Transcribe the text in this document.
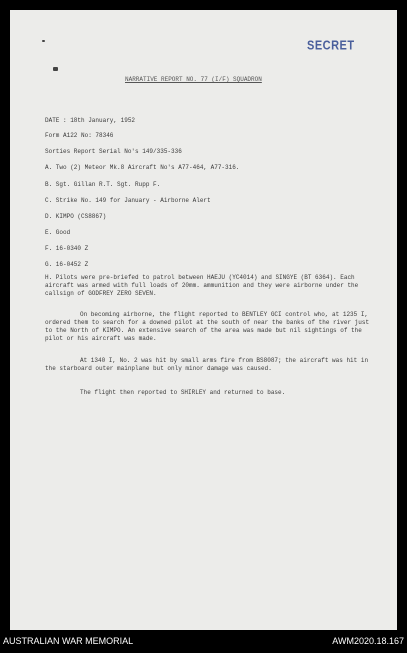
SECRET
NARRATIVE REPORT NO. 77 (I/F) SQUADRON
DATE : 18th January, 1952
Form A122 No: 78346
Sorties Report Serial No's 149/335-336
A. Two (2) Meteor Mk.8 Aircraft No's A77-464, A77-316.
B. Sgt. Gillan R.T. Sgt. Rupp F.
C. Strike No. 149 for January - Airborne Alert
D. KIMPO (CS8867)
E. Good
F. 16-0340 Z
G. 16-0452 Z
H. Pilots were pre-briefed to patrol between HAEJU (YC4014) and SINGYE (BT 6364). Each aircraft was armed with full loads of 20mm. ammunition and they were airborne under the callsign of GODFREY ZERO SEVEN.
On becoming airborne, the flight reported to BENTLEY GCI control who, at 1235 I, ordered them to search for a downed pilot at the south of near the banks of the river just to the North of KIMPO. An extensive search of the area was made but nil sightings of the pilot or his aircraft was made.
At 1340 I, No. 2 was hit by small arms fire from BS8087; the aircraft was hit in the starboard outer mainplane but only minor damage was caused.
The flight then reported to SHIRLEY and returned to base.
AUSTRALIAN WAR MEMORIAL	AWM2020.18.167
